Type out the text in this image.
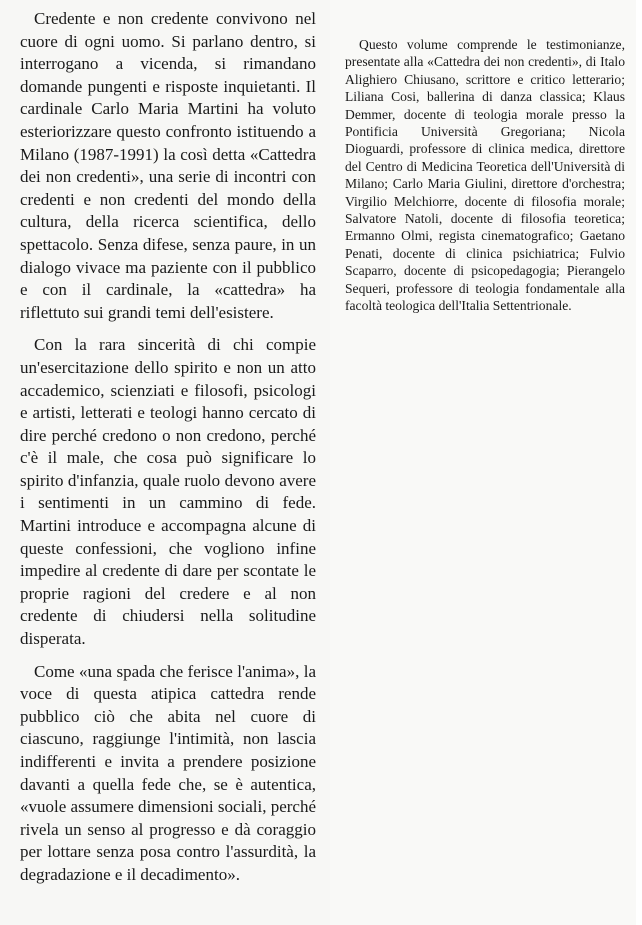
Credente e non credente convivono nel cuore di ogni uomo. Si parlano dentro, si interrogano a vicenda, si rimandano domande pungenti e risposte inquietanti. Il cardinale Carlo Maria Martini ha voluto esteriorizzare questo confronto istituendo a Milano (1987-1991) la così detta «Cattedra dei non credenti», una serie di incontri con credenti e non credenti del mondo della cultura, della ricerca scientifica, dello spettacolo. Senza difese, senza paure, in un dialogo vivace ma paziente con il pubblico e con il cardinale, la «cattedra» ha riflettuto sui grandi temi dell'esistere.

Con la rara sincerità di chi compie un'esercitazione dello spirito e non un atto accademico, scienziati e filosofi, psicologi e artisti, letterati e teologi hanno cercato di dire perché credono o non credono, perché c'è il male, che cosa può significare lo spirito d'infanzia, quale ruolo devono avere i sentimenti in un cammino di fede. Martini introduce e accompagna alcune di queste confessioni, che vogliono infine impedire al credente di dare per scontate le proprie ragioni del credere e al non credente di chiudersi nella solitudine disperata.

Come «una spada che ferisce l'anima», la voce di questa atipica cattedra rende pubblico ciò che abita nel cuore di ciascuno, raggiunge l'intimità, non lascia indifferenti e invita a prendere posizione davanti a quella fede che, se è autentica, «vuole assumere dimensioni sociali, perché rivela un senso al progresso e dà coraggio per lottare senza posa contro l'assurdità, la degradazione e il decadimento».

Questo volume comprende le testimonianze, presentate alla «Cattedra dei non credenti», di Italo Alighiero Chiusano, scrittore e critico letterario; Liliana Cosi, ballerina di danza classica; Klaus Demmer, docente di teologia morale presso la Pontificia Università Gregoriana; Nicola Dioguardi, professore di clinica medica, direttore del Centro di Medicina Teoretica dell'Università di Milano; Carlo Maria Giulini, direttore d'orchestra; Virgilio Melchiorre, docente di filosofia morale; Salvatore Natoli, docente di filosofia teoretica; Ermanno Olmi, regista cinematografico; Gaetano Penati, docente di clinica psichiatrica; Fulvio Scaparro, docente di psicopedagogia; Pierangelo Sequeri, professore di teologia fondamentale alla facoltà teologica dell'Italia Settentrionale.
